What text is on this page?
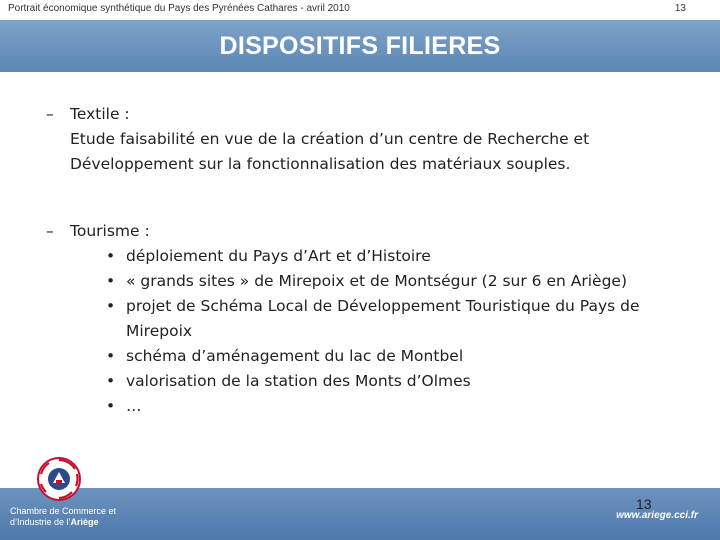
Portrait économique synthétique du Pays des Pyrénées Cathares - avril 2010	13
DISPOSITIFS FILIERES
– Textile :
Etude faisabilité en vue de la création d’un centre de Recherche et Développement sur la fonctionnalisation des matériaux souples.
– Tourisme :
• déploiement du Pays d’Art et d’Histoire
• « grands sites » de Mirepoix et de Montségur (2 sur 6 en Ariège)
• projet de Schéma Local de Développement Touristique du Pays de Mirepoix
• schéma d’aménagement du lac de Montbel
• valorisation de la station des Monts d’Olmes
• …
Chambre de Commerce et
d’Industrie de l’Ariège
www.ariege.cci.fr
13
